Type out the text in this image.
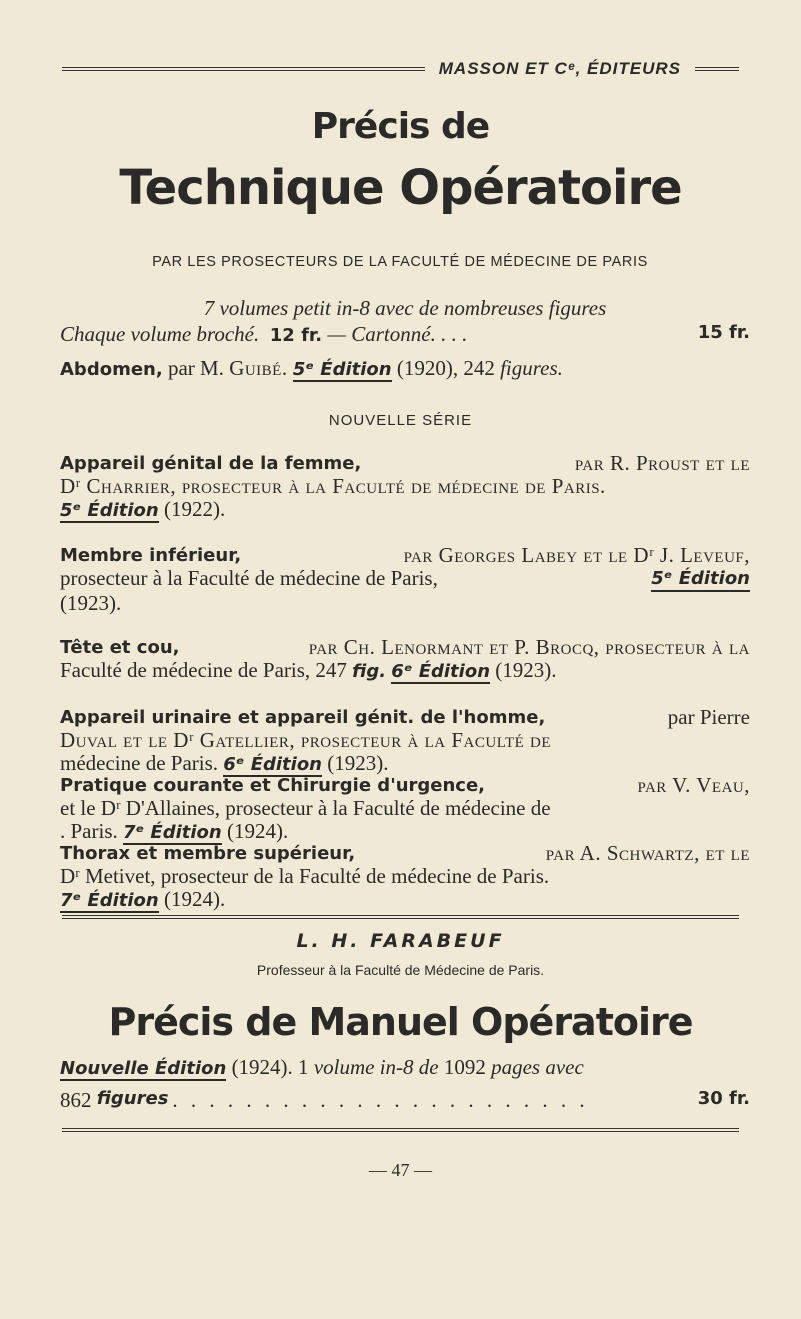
MASSON ET Cᵉ, ÉDITEURS
Précis de
Technique Opératoire
PAR LES PROSECTEURS DE LA FACULTÉ DE MÉDECINE DE PARIS
7 volumes petit in-8 avec de nombreuses figures
Chaque volume broché. 12 fr. — Cartonné. . . .	15 fr.
Abdomen, par M. Guibé. 5ᵉ Édition (1920), 242 figures.
NOUVELLE SÉRIE
Appareil génital de la femme,	par R. Proust et le
Dʳ Charrier, prosecteur à la Faculté de médecine de Paris.
5ᵉ Édition (1922).
Membre inférieur,	par Georges Labey et le Dʳ J. Leveuf,
prosecteur à la Faculté de médecine de Paris,	5ᵉ Édition
(1923).
Tête et cou,	par Ch. Lenormant et P. Brocq, prosecteur à la
Faculté de médecine de Paris, 247 fig. 6ᵉ Édition (1923).
Appareil urinaire et appareil génit. de l'homme,	par Pierre
Duval et le Dʳ Gatellier, prosecteur à la Faculté de
médecine de Paris. 6ᵉ Édition (1923).
Pratique courante et Chirurgie d'urgence,	par V. Veau,
et le Dʳ D'Allaines, prosecteur à la Faculté de médecine de
. Paris. 7ᵉ Édition (1924).
Thorax et membre supérieur,	par A. Schwartz, et le
Dʳ Metivet, prosecteur de la Faculté de médecine de Paris.
7ᵉ Édition (1924).
L. H. FARABEUF
Professeur à la Faculté de Médecine de Paris.
Précis de Manuel Opératoire
Nouvelle Édition (1924). 1 volume in-8 de 1092 pages avec
862
figures . . . . . . . . . . . . . . . . . . . . . . .	30 fr.
— 47 —
